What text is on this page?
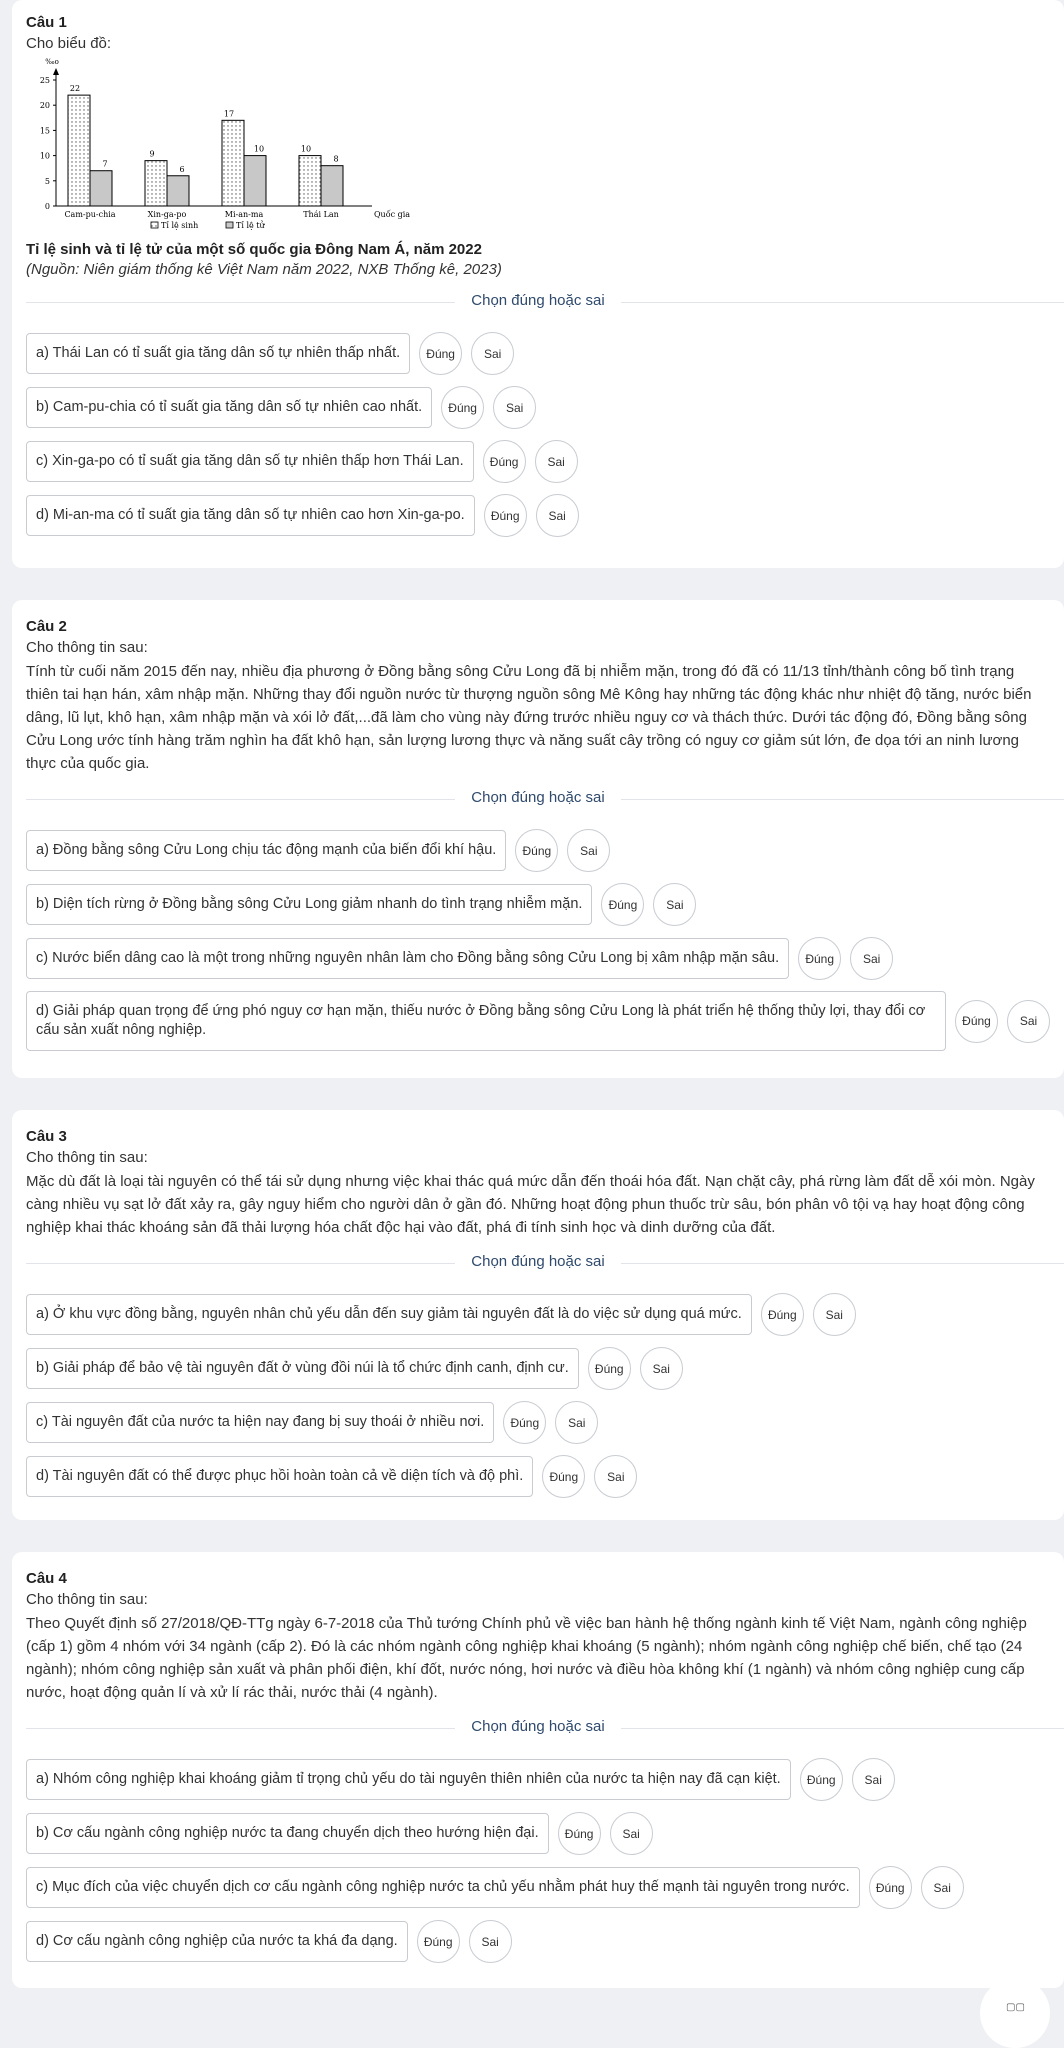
Câu 1
Cho biểu đồ:
‰o
0
5
10
15
20
25
22
7
Cam-pu-chia
9
6
Xin-ga-po
17
10
Mi-an-ma
10
8
Thái Lan	Quốc gia
Tỉ lệ sinh	Tỉ lệ tử
Tỉ lệ sinh và tỉ lệ tử của một số quốc gia Đông Nam Á, năm 2022
(Nguồn: Niên giám thống kê Việt Nam năm 2022, NXB Thống kê, 2023)
Chọn đúng hoặc sai
a) Thái Lan có tỉ suất gia tăng dân số tự nhiên thấp nhất.	Đúng	Sai
b) Cam-pu-chia có tỉ suất gia tăng dân số tự nhiên cao nhất.	Đúng	Sai
c) Xin-ga-po có tỉ suất gia tăng dân số tự nhiên thấp hơn Thái Lan.	Đúng	Sai
d) Mi-an-ma có tỉ suất gia tăng dân số tự nhiên cao hơn Xin-ga-po.	Đúng	Sai
Câu 2
Cho thông tin sau:
Tính từ cuối năm 2015 đến nay, nhiều địa phương ở Đồng bằng sông Cửu Long đã bị nhiễm mặn, trong đó đã có 11/13 tỉnh/thành công bố tình trạng thiên tai hạn hán, xâm nhập mặn. Những thay đổi nguồn nước từ thượng nguồn sông Mê Kông hay những tác động khác như nhiệt độ tăng, nước biển dâng, lũ lụt, khô hạn, xâm nhập mặn và xói lở đất,...đã làm cho vùng này đứng trước nhiều nguy cơ và thách thức. Dưới tác động đó, Đồng bằng sông Cửu Long ước tính hàng trăm nghìn ha đất khô hạn, sản lượng lương thực và năng suất cây trồng có nguy cơ giảm sút lớn, đe dọa tới an ninh lương thực của quốc gia.
Chọn đúng hoặc sai
a) Đồng bằng sông Cửu Long chịu tác động mạnh của biến đổi khí hậu.	Đúng	Sai
b) Diện tích rừng ở Đồng bằng sông Cửu Long giảm nhanh do tình trạng nhiễm mặn.	Đúng	Sai
c) Nước biển dâng cao là một trong những nguyên nhân làm cho Đồng bằng sông Cửu Long bị xâm nhập mặn sâu.	Đúng	Sai
d) Giải pháp quan trọng để ứng phó nguy cơ hạn mặn, thiếu nước ở Đồng bằng sông Cửu Long là phát triển hệ thống thủy lợi, thay đổi cơ cấu sản xuất nông nghiệp.
Đúng	Sai
Câu 3
Cho thông tin sau:
Mặc dù đất là loại tài nguyên có thể tái sử dụng nhưng việc khai thác quá mức dẫn đến thoái hóa đất. Nạn chặt cây, phá rừng làm đất dễ xói mòn. Ngày càng nhiều vụ sạt lở đất xảy ra, gây nguy hiểm cho người dân ở gần đó. Những hoạt động phun thuốc trừ sâu, bón phân vô tội vạ hay hoạt động công nghiệp khai thác khoáng sản đã thải lượng hóa chất độc hại vào đất, phá đi tính sinh học và dinh dưỡng của đất.
Chọn đúng hoặc sai
a) Ở khu vực đồng bằng, nguyên nhân chủ yếu dẫn đến suy giảm tài nguyên đất là do việc sử dụng quá mức.	Đúng	Sai
b) Giải pháp để bảo vệ tài nguyên đất ở vùng đồi núi là tổ chức định canh, định cư.	Đúng	Sai
c) Tài nguyên đất của nước ta hiện nay đang bị suy thoái ở nhiều nơi.	Đúng	Sai
d) Tài nguyên đất có thể được phục hồi hoàn toàn cả về diện tích và độ phì.	Đúng	Sai
Câu 4
Cho thông tin sau:
Theo Quyết định số 27/2018/QĐ-TTg ngày 6-7-2018 của Thủ tướng Chính phủ về việc ban hành hệ thống ngành kinh tế Việt Nam, ngành công nghiệp (cấp 1) gồm 4 nhóm với 34 ngành (cấp 2). Đó là các nhóm ngành công nghiệp khai khoáng (5 ngành); nhóm ngành công nghiệp chế biến, chế tạo (24 ngành); nhóm công nghiệp sản xuất và phân phối điện, khí đốt, nước nóng, hơi nước và điều hòa không khí (1 ngành) và nhóm công nghiệp cung cấp nước, hoạt động quản lí và xử lí rác thải, nước thải (4 ngành).
Chọn đúng hoặc sai
a) Nhóm công nghiệp khai khoáng giảm tỉ trọng chủ yếu do tài nguyên thiên nhiên của nước ta hiện nay đã cạn kiệt.	Đúng	Sai
b) Cơ cấu ngành công nghiệp nước ta đang chuyển dịch theo hướng hiện đại.	Đúng	Sai
c) Mục đích của việc chuyển dịch cơ cấu ngành công nghiệp nước ta chủ yếu nhằm phát huy thế mạnh tài nguyên trong nước.	Đúng	Sai
d) Cơ cấu ngành công nghiệp của nước ta khá đa dạng.	Đúng	Sai
▢▢
